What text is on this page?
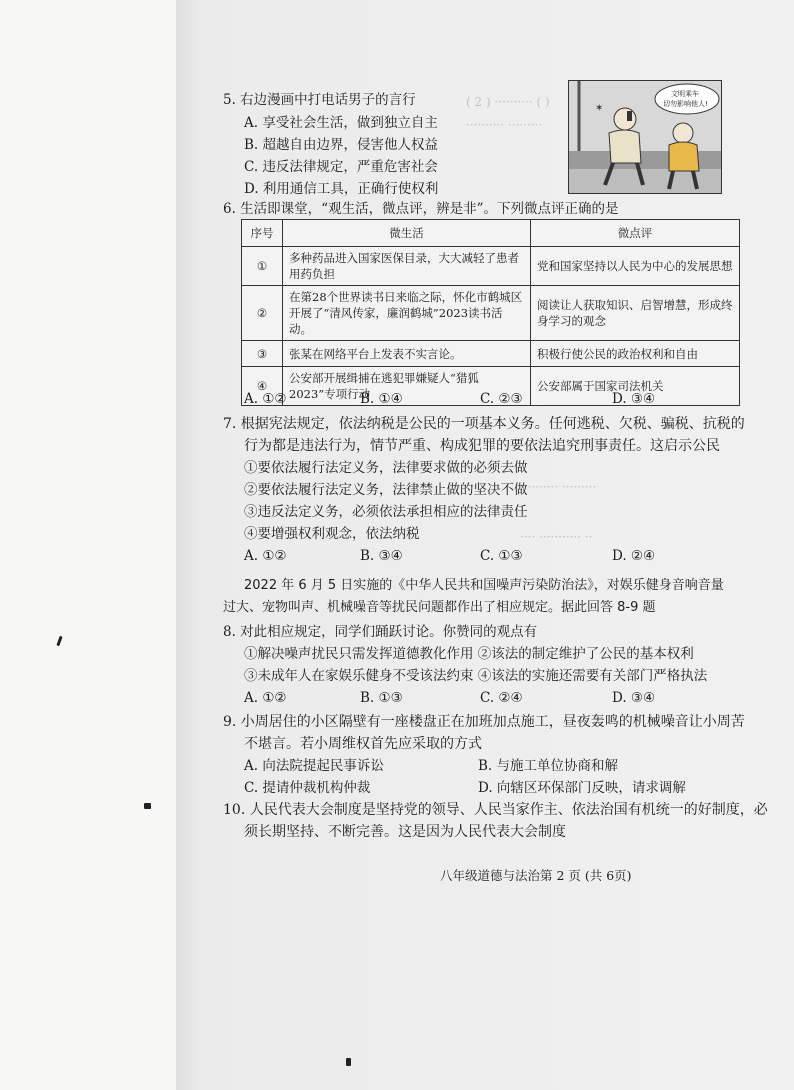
( 2 ) ·········· ( )
·········· ·········
·········· ·········
···· ··········· ··
5. 右边漫画中打电话男子的言行
A. 享受社会生活，做到独立自主
B. 超越自由边界，侵害他人权益
C. 违反法律规定，严重危害社会
D. 利用通信工具，正确行使权利
文明乘车
切勿影响他人!
✶
6. 生活即课堂，“观生活，微点评，辨是非”。下列微点评正确的是
序号	微生活	微点评
①	多种药品进入国家医保目录，大大减轻了患者用药负担	党和国家坚持以人民为中心的发展思想
②	在第28个世界读书日来临之际，怀化市鹤城区开展了“清风传家，廉润鹤城”2023读书活动。	阅读让人获取知识、启智增慧，形成终身学习的观念
③	张某在网络平台上发表不实言论。	积极行使公民的政治权利和自由
④	公安部开展缉捕在逃犯罪嫌疑人“猎狐2023”专项行动	公安部属于国家司法机关
A. ①②	B. ①④	C. ②③	D. ③④
7. 根据宪法规定，依法纳税是公民的一项基本义务。任何逃税、欠税、骗税、抗税的
行为都是违法行为，情节严重、构成犯罪的要依法追究刑事责任。这启示公民
①要依法履行法定义务，法律要求做的必须去做
②要依法履行法定义务，法律禁止做的坚决不做
③违反法定义务，必须依法承担相应的法律责任
④要增强权利观念，依法纳税
A. ①②	B. ③④	C. ①③	D. ②④
2022 年 6 月 5 日实施的《中华人民共和国噪声污染防治法》，对娱乐健身音响音量
过大、宠物叫声、机械噪音等扰民问题都作出了相应规定。据此回答 8-9 题
8. 对此相应规定，同学们踊跃讨论。你赞同的观点有
①解决噪声扰民只需发挥道德教化作用 ②该法的制定维护了公民的基本权利
③未成年人在家娱乐健身不受该法约束 ④该法的实施还需要有关部门严格执法
A. ①②	B. ①③	C. ②④	D. ③④
9. 小周居住的小区隔壁有一座楼盘正在加班加点施工，昼夜轰鸣的机械噪音让小周苦
不堪言。若小周维权首先应采取的方式
A. 向法院提起民事诉讼	B. 与施工单位协商和解
C. 提请仲裁机构仲裁	D. 向辖区环保部门反映，请求调解
10. 人民代表大会制度是坚持党的领导、人民当家作主、依法治国有机统一的好制度，必
须长期坚持、不断完善。这是因为人民代表大会制度
八年级道德与法治第 2 页 (共 6页)
